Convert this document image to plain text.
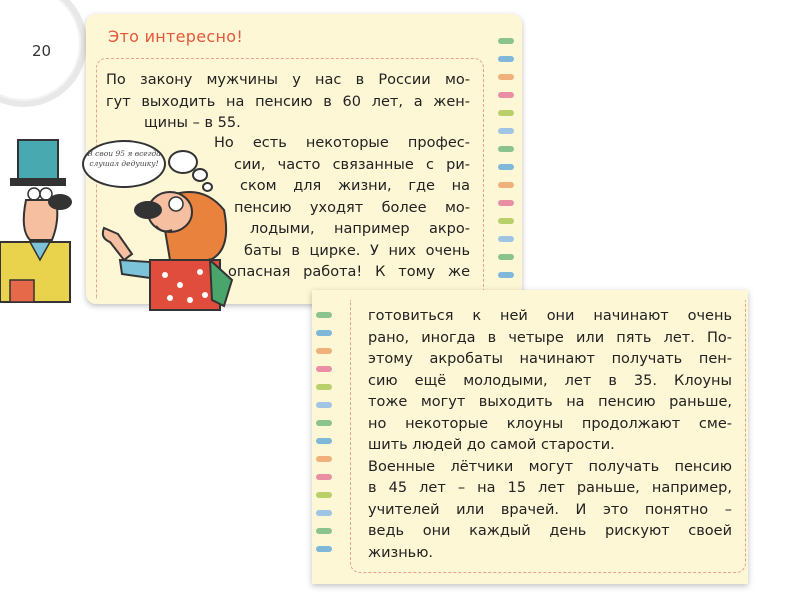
20
Это интересно!

По закону мужчины у нас в России мо-

гут выходить на пенсию в 60 лет, а жен-

щины – в 55.

Но есть некоторые профес-

сии, часто связанные с ри-

ском для жизни, где на

пенсию уходят более мо-

лодыми, например акро-

баты в цирке. У них очень

опасная работа! К тому же

В свои 95 я всегда слушал дедушку!

готовиться к ней они начинают очень

рано, иногда в четыре или пять лет. По-

этому акробаты начинают получать пен-

сию ещё молодыми, лет в 35. Клоуны

тоже могут выходить на пенсию раньше,

но некоторые клоуны продолжают сме-

шить людей до самой старости.

Военные лётчики могут получать пенсию

в 45 лет – на 15 лет раньше, например,

учителей или врачей. И это понятно –

ведь они каждый день рискуют своей

жизнью.
